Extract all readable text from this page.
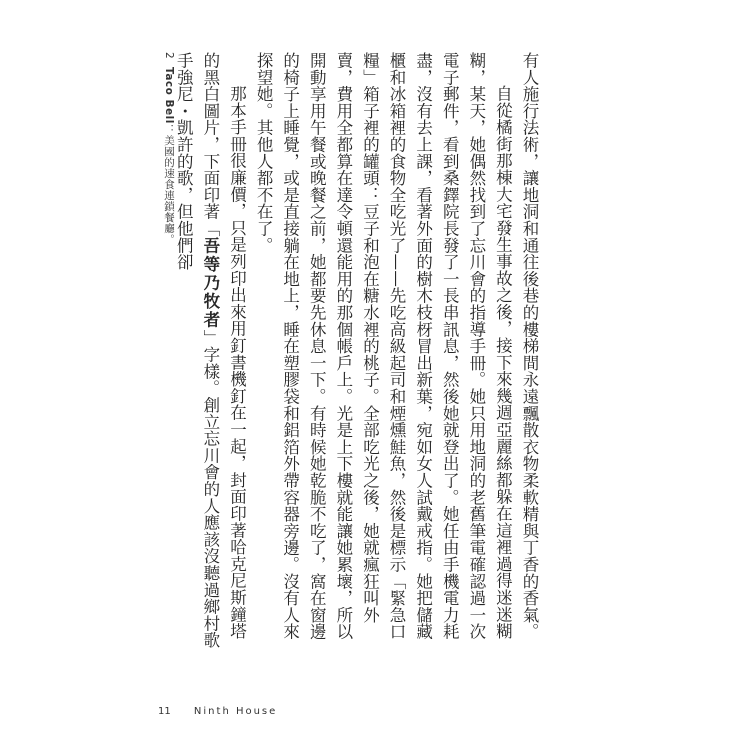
有人施行法術，讓地洞和通往後巷的樓梯間永遠飄散衣物柔軟精與丁香的香氣。

自從橘街那棟大宅發生事故之後，接下來幾週亞麗絲都躲在這裡過得迷迷糊糊，某天，她偶然找到了忘川會的指導手冊。她只用地洞的老舊筆電確認過一次電子郵件，看到桑鐸院長發了一長串訊息，然後她就登出了。她任由手機電力耗盡，沒有去上課，看著外面的樹木枝枒冒出新葉，宛如女人試戴戒指。她把儲藏櫃和冰箱裡的食物全吃光了——先吃高級起司和煙燻鮭魚，然後是標示「緊急口糧」箱子裡的罐頭：豆子和泡在糖水裡的桃子。全部吃光之後，她就瘋狂叫外賣，費用全都算在達令頓還能用的那個帳戶上。光是上下樓就能讓她累壞，所以開動享用午餐或晚餐之前，她都要先休息一下。有時候她乾脆不吃了，窩在窗邊的椅子上睡覺，或是直接躺在地上，睡在塑膠袋和鋁箔外帶容器旁邊。沒有人來探望她。其他人都不在了。

那本手冊很廉價，只是列印出來用釘書機釘在一起，封面印著哈克尼斯鐘塔的黑白圖片，下面印著「吾等乃牧者」字樣。創立忘川會的人應該沒聽過鄉村歌手強尼・凱許的歌，但他們卻

2 Taco Bell：美國的速食連鎖餐廳。
11 Ninth House
